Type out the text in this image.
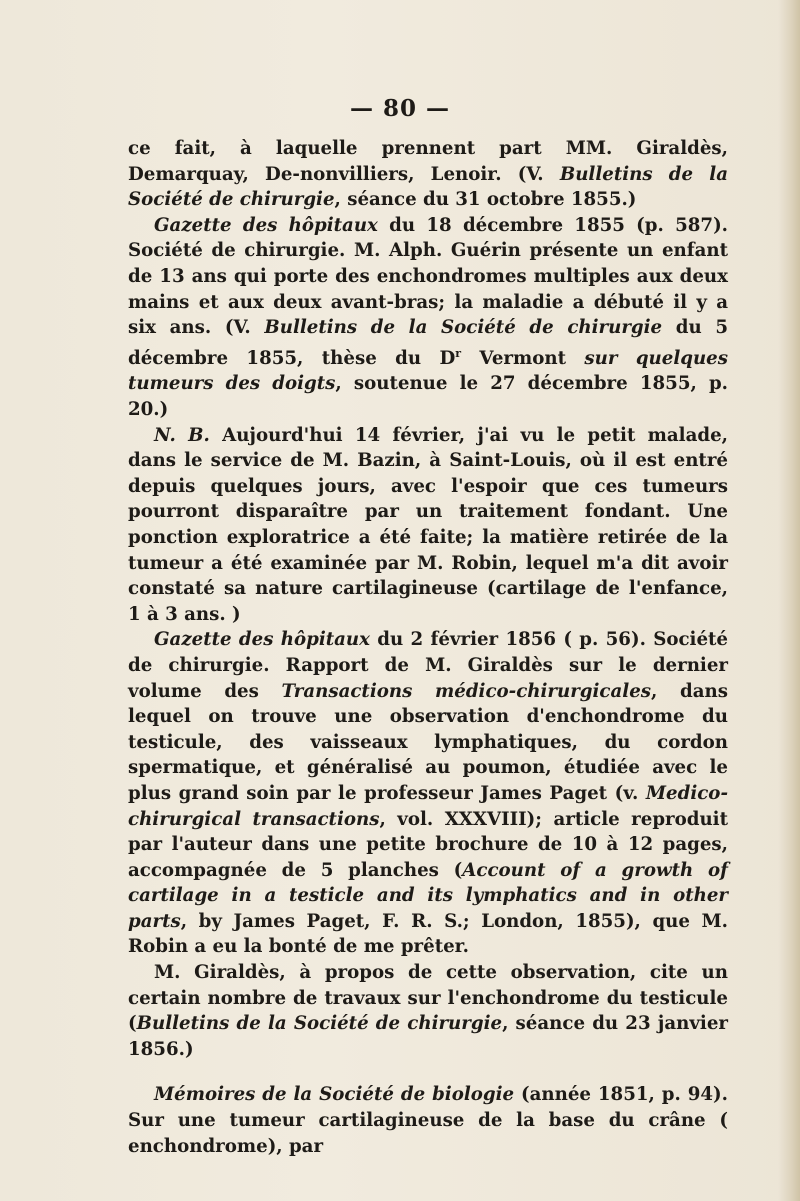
— 80 —

ce fait, à laquelle prennent part MM. Giraldès, Demarquay, De-nonvilliers, Lenoir. (V. Bulletins de la Société de chirurgie, séance du 31 octobre 1855.)

Gazette des hôpitaux du 18 décembre 1855 (p. 587). Société de chirurgie. M. Alph. Guérin présente un enfant de 13 ans qui porte des enchondromes multiples aux deux mains et aux deux avant-bras; la maladie a débuté il y a six ans. (V. Bulletins de la Société de chirurgie du 5 décembre 1855, thèse du $D^r$ Vermont sur quelques tumeurs des doigts, soutenue le 27 décembre 1855, p. 20.)

N. B. Aujourd'hui 14 février, j'ai vu le petit malade, dans le service de M. Bazin, à Saint-Louis, où il est entré depuis quelques jours, avec l'espoir que ces tumeurs pourront disparaître par un traitement fondant. Une ponction exploratrice a été faite; la matière retirée de la tumeur a été examinée par M. Robin, lequel m'a dit avoir constaté sa nature cartilagineuse (cartilage de l'enfance, 1 à 3 ans. )

Gazette des hôpitaux du 2 février 1856 ( p. 56). Société de chirurgie. Rapport de M. Giraldès sur le dernier volume des Transactions médico-chirurgicales, dans lequel on trouve une observation d'enchondrome du testicule, des vaisseaux lymphatiques, du cordon spermatique, et généralisé au poumon, étudiée avec le plus grand soin par le professeur James Paget (v. Medico-chirurgical transactions, vol. XXXVIII); article reproduit par l'auteur dans une petite brochure de 10 à 12 pages, accompagnée de 5 planches (Account of a growth of cartilage in a testicle and its lymphatics and in other parts, by James Paget, F. R. S.; London, 1855), que M. Robin a eu la bonté de me prêter.

M. Giraldès, à propos de cette observation, cite un certain nombre de travaux sur l'enchondrome du testicule (Bulletins de la Société de chirurgie, séance du 23 janvier 1856.)

Mémoires de la Société de biologie (année 1851, p. 94). Sur une tumeur cartilagineuse de la base du crâne ( enchondrome), par
